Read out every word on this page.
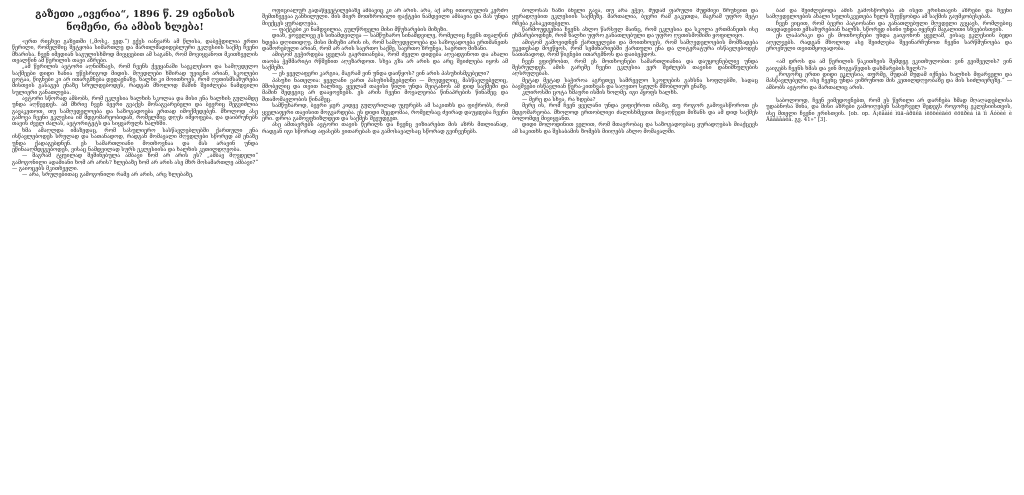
გაზეთი „ივერია“, 1896 წ. 29 ივნისის
ნომერი, რა ამბის ხლება!

«ერთ რიცხვი გაზეთში („მოსკ. ვედ.“) ექვს იანვარს ამ წლისა, დაბეჭდილია ერთი წერილი, რომელშიც შეტყობა სიმართლე და მართლმადიდებლური ეკლესიის საქმე ჩვენი მხარისა. ჩვენ იმედიან საგულისხმოდ მივყვებით ამ საგანს, რომ მოვიყვანოთ მკითხველის თვალწინ ამ წერილის თავი აზრები.

„ამ წერილის ავტორი აღნიშნავს, რომ ჩვენს ქვეყანაში საეკლესიო და სამღვდელო საქმეები დიდი ხანია უწესრიგოდ მიდის. მღვდლები ხშირად უვიცნი არიან, სკოლები ცოტაა, წიგნები კი არ ითარგმნება დედაენაზე. ხალხი კი მოითხოვს, რომ ღვთისმსახურება მისთვის გასაგებ ენაზე სრულდებოდეს, რადგან მხოლოდ მაშინ შეიძლება ნამდვილი სულიერი განათლება.

ავტორი სწორად ამბობს, რომ ეკლესია ხალხის სკოლაა და მისი ენა ხალხის გულამდე უნდა აღწევდეს. ამ მხრივ ჩვენ ბევრი გვაქვს მოსაგვარებელი და ბევრიც შეგვიძლია გავაკეთოთ, თუ სამღვდელოება და საზოგადოება ერთად იმოქმედებენ. მხოლოდ ასე გამოვა ჩვენი ეკლესია იმ მდგომარეობიდან, რომელშიც დღეს იმყოფება, და დაიბრუნებს თავის ძველ ძალას, ავტორიტეტს და სიყვარულს ხალხში.

ხმა ამაღლდა იმაზედაც, რომ სასულიერო სასწავლებლებში ქართული ენა ისწავლებოდეს სრულად და სათანადოდ, რადგან მომავალი მღვდლები სწორედ ამ ენაზე უნდა ქადაგებდნენ. ეს სამართლიანი მოთხოვნაა და მას არავინ უნდა ეწინააღმდეგებოდეს, ვისაც ნამდვილად სურს ეკლესიისა და ხალხის კეთილდღეობა.

— მაგრამ ტყუილად შეშინებულა ამბავი ხომ არ არის ეს? „ამბავ მღვდელი“ გამოგონილი ადამიანი ხომ არ არის? ხლებაზე ხომ არ არის ასე მხრ მოსამართლე ამბავი?“ — გაიოცებს მკითხველი.

— არა, სრულებითაც გამოგონილი რამე არ არის, არც ხლებაზე,

ოფიციალურ გადაწყვეტილებაზე ამბავიც კი არ არის. არა, აქ არც ითიოგულის კერძო შემთხვევაა განხილული. მის მიერ მოთხრობილი ფაქტები ნამდვილი ამბავია და მას უნდა მიექცეს ყურადღება.

— ფაქტები კი ნამდვილია, გულწრფელი მისი მწუხარების მიზეზი.

დიახ, ყოველივე ეს სინამდვილეა — სამწუხარო სინამდვილე, რომელიც ჩვენს თვალწინ ხდება დღითიდღე. მისი მიზეზი არის ის, რომ სამღვდელოება და საზოგადოება ერთმანეთს დაშორებული არიან, რომ არ არის საერთო საქმე, საერთო ზრუნვა, საერთო მიზანი.

ამიტომ გვჭირდება ყველას გაერთიანება, რომ ძველი დიდება აღვადგინოთ და ახალი თაობა ჭეშმარიტი რწმენით აღვზარდოთ. სხვა გზა არ არის და არც შეიძლება იყოს ამ საქმეში.

— ეს ყველაფერი კარგია, მაგრამ ვინ უნდა დაიწყოს? ვინ არის პასუხისმგებელი?

პასუხი ნათელია: ყველანი ვართ პასუხისმგებელნი — მღვდელიც, მასწავლებელიც, მშობელიც და თვით ხალხიც. ყველამ თავისი წილი უნდა შეიტანოს ამ დიდ საქმეში და მაშინ შედეგიც არ დააყოვნებს. ეს არის ჩვენი მოვალეობა წინაპრების წინაშეც და შთამომავლობის წინაშეც.

სამწუხაროდ, ბევრი ჯერ კიდევ გულგრილად უყურებს ამ საკითხს და ფიქრობს, რომ ყველაფერი თავისით მოგვარდება. ეს დიდი შეცდომაა, რომელსაც ძვირად დაუჯდება ჩვენი ერი. დროა გამოვფხიზლდეთ და საქმეს შევუდგეთ.

ასე ამთავრებს ავტორი თავის წერილს და ჩვენც ვიზიარებთ მის აზრს მთლიანად, რადგან იგი სწორად აფასებს ვითარებას და გამოსავალსაც სწორად გვიჩვენებს.

ბოლოსას ხაზი ბნელი გავა, თუ არა ეჭვი, მუდამ ფარული მუდმივი ზრუნვით და ყურადღებით ეკლესიის საქმეზე. მართალია, ბევრი რამ გაკეთდა, მაგრამ უფრო მეტი რჩება გასაკეთებელი.

წარმოუდგენია ჩვენს ახლო წარსულ მაინც, რომ ეკლესია და სკოლა ერთმანეთს ისე ეხმარებოდნენ, რომ ხალხი უფრო განათლებული და უფრო ღვთისმოშიში ყოფილიყო.

ამიტომ გამოვიდნენ ქართველები და მოითხოვეს, რომ სამღვდელოების მომზადება უკეთესად მოეწყოს, რომ სემინარიებში ქართული ენა და ლიტერატურა ისწავლებოდეს სათანადოდ, რომ წიგნები ითარგმნოს და დაიბეჭდოს.

ჩვენ ვფიქრობთ, რომ ეს მოთხოვნები სამართლიანია და დაუყოვნებლივ უნდა შესრულდეს. ამის გარეშე ჩვენი ეკლესია ვერ შეძლებს თავისი დანიშნულების აღსრულებას.

მეტად მეტად საჭიროა აგრეთვე სამრევლო სკოლების გახსნა სოფლებში, სადაც ბავშვები ისწავლიან წერა-კითხვას და საღვთო სჯულს მშობლიურ ენაზე.

კლიროსში ცოტა ხმაური ისმის ხოლმე. იგი ჰყოფს ხალხს.

— მერე და სხვა, რა ხდება?

მერე ის, რომ ჩვენ ყველანი უნდა ვიფიქროთ იმაზე, თუ როგორ გამოვასწოროთ ეს მდგომარეობა. მხოლოდ ერთობლივი ძალისხმევით მივაღწევთ მიზანს და ამ დიდ საქმეს ბოლომდე მივიყვანთ.

დიდი მოლოდინით ველით, რომ მთავრობაც და საზოგადოებაც ყურადღებას მიაქცევს ამ საკითხს და შესაბამის ზომებს მიიღებს ახლო მომავალში.

ბაძ და შეიძლებოდა ამის გამოსწორება ან ისეთ ერისთავის აზრები და ჩვენი სამღვდელოების ახალი სულისკვეთება ხელს შეუწყობდა ამ საქმის გაუმჯობესებას.

ჩვენ ვიცით, რომ ბევრი პატიოსანი და განათლებული მღვდელი გვყავს, რომლებიც თავდადებით ემსახურებიან ხალხს. სწორედ ისინი უნდა იყვნენ მაგალითი სხვებისთვის.

ეს ლაპარაკი და ეს მოთხოვნები უნდა გაიგონონ ყველამ, ვისაც ეკლესიის ბედი აღელვებს. რადგან მხოლოდ ასე შეიძლება შევინარჩუნოთ ჩვენი სარწმუნოება და ეროვნული თვითმყოფადობა.

«ამ დროს და ამ წერილის წაკითხვის შემდეგ ვკითხულობთ: ვინ გვიშველის? ვინ გაიგებს ჩვენს ხმას და ვინ მოგვაწვდის დახმარების ხელს?»

„როგორც ერთი დიდი ეკლესია, თურმე, მუდამ მუდამ იქნება ხალხის მფარველი და მასწავლებელი, ისე ჩვენც უნდა ვიზრუნოთ მის კეთილდღეობაზე და მის სიძლიერეზე.“ — ამბობს ავტორი და მართალიც არის.

საბოლოოდ, ჩვენ ვიმედოვნებთ, რომ ეს წერილი არ დარჩება ხმად მღაღადებლისა უდაბნოსა შინა, და მისი აზრები გამოიღებენ სასურველ შედეგს როგორც ეკლესიისთვის, ისე მთელი ჩვენი ერისთვის. [ob. op. Ã¡ëåàìé ìüä–âðüêä ìëööéèäéö ëöüðèá ìä ïì Äóòèé è Äååãåáêå. გვ. 41»” [3].
